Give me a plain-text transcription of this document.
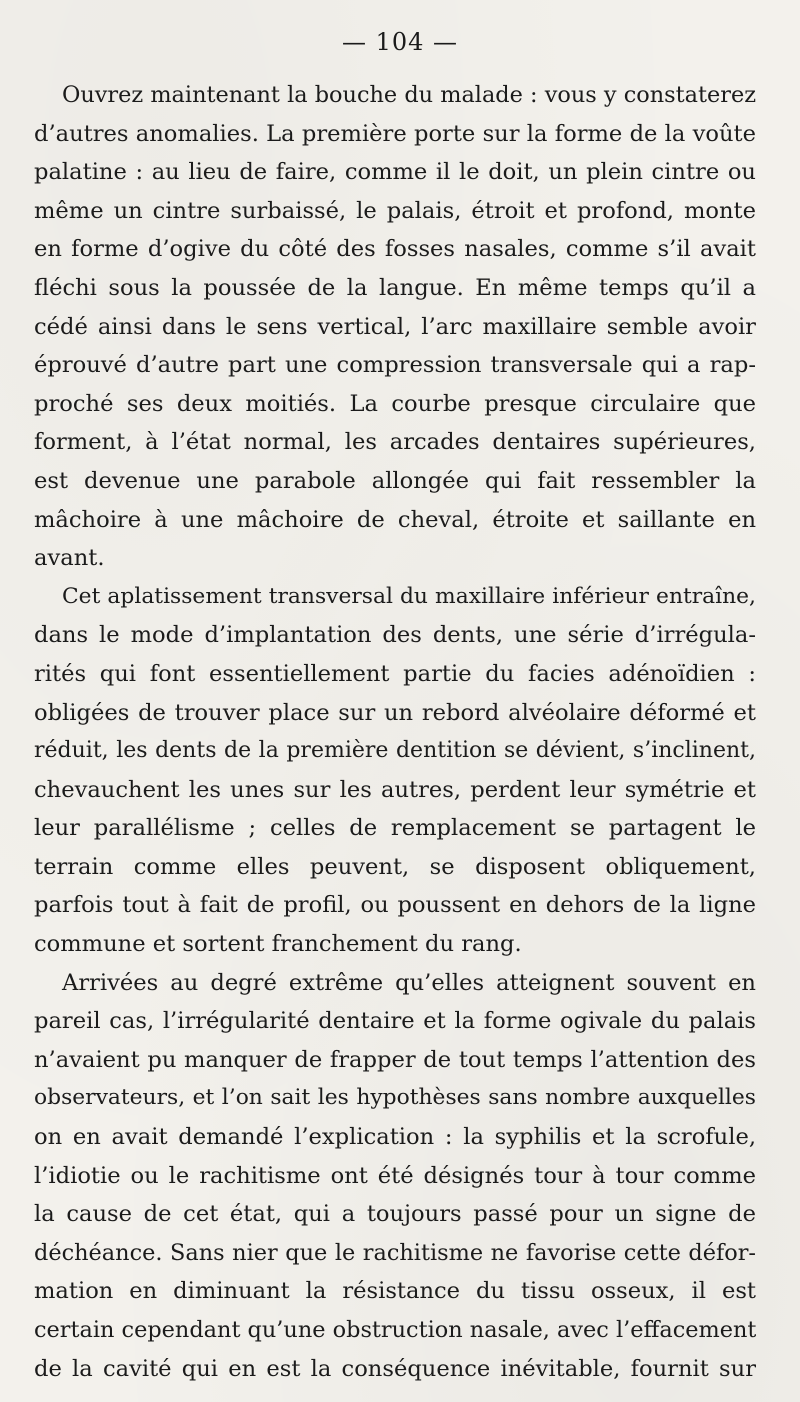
— 104 —
Ouvrez maintenant la bouche du malade : vous y constaterez
d’autres anomalies. La première porte sur la forme de la voûte
palatine : au lieu de faire, comme il le doit, un plein cintre ou
même un cintre surbaissé, le palais, étroit et profond, monte
en forme d’ogive du côté des fosses nasales, comme s’il avait
fléchi sous la poussée de la langue. En même temps qu’il a
cédé ainsi dans le sens vertical, l’arc maxillaire semble avoir
éprouvé d’autre part une compression transversale qui a rap-
proché ses deux moitiés. La courbe presque circulaire que
forment, à l’état normal, les arcades dentaires supérieures,
est devenue une parabole allongée qui fait ressembler la
mâchoire à une mâchoire de cheval, étroite et saillante en
avant.
Cet aplatissement transversal du maxillaire inférieur entraîne,
dans le mode d’implantation des dents, une série d’irrégula-
rités qui font essentiellement partie du facies adénoïdien :
obligées de trouver place sur un rebord alvéolaire déformé et
réduit, les dents de la première dentition se dévient, s’inclinent,
chevauchent les unes sur les autres, perdent leur symétrie et
leur parallélisme ; celles de remplacement se partagent le
terrain comme elles peuvent, se disposent obliquement,
parfois tout à fait de profil, ou poussent en dehors de la ligne
commune et sortent franchement du rang.
Arrivées au degré extrême qu’elles atteignent souvent en
pareil cas, l’irrégularité dentaire et la forme ogivale du palais
n’avaient pu manquer de frapper de tout temps l’attention des
observateurs, et l’on sait les hypothèses sans nombre auxquelles
on en avait demandé l’explication : la syphilis et la scrofule,
l’idiotie ou le rachitisme ont été désignés tour à tour comme
la cause de cet état, qui a toujours passé pour un signe de
déchéance. Sans nier que le rachitisme ne favorise cette défor-
mation en diminuant la résistance du tissu osseux, il est
certain cependant qu’une obstruction nasale, avec l’effacement
de la cavité qui en est la conséquence inévitable, fournit sur
